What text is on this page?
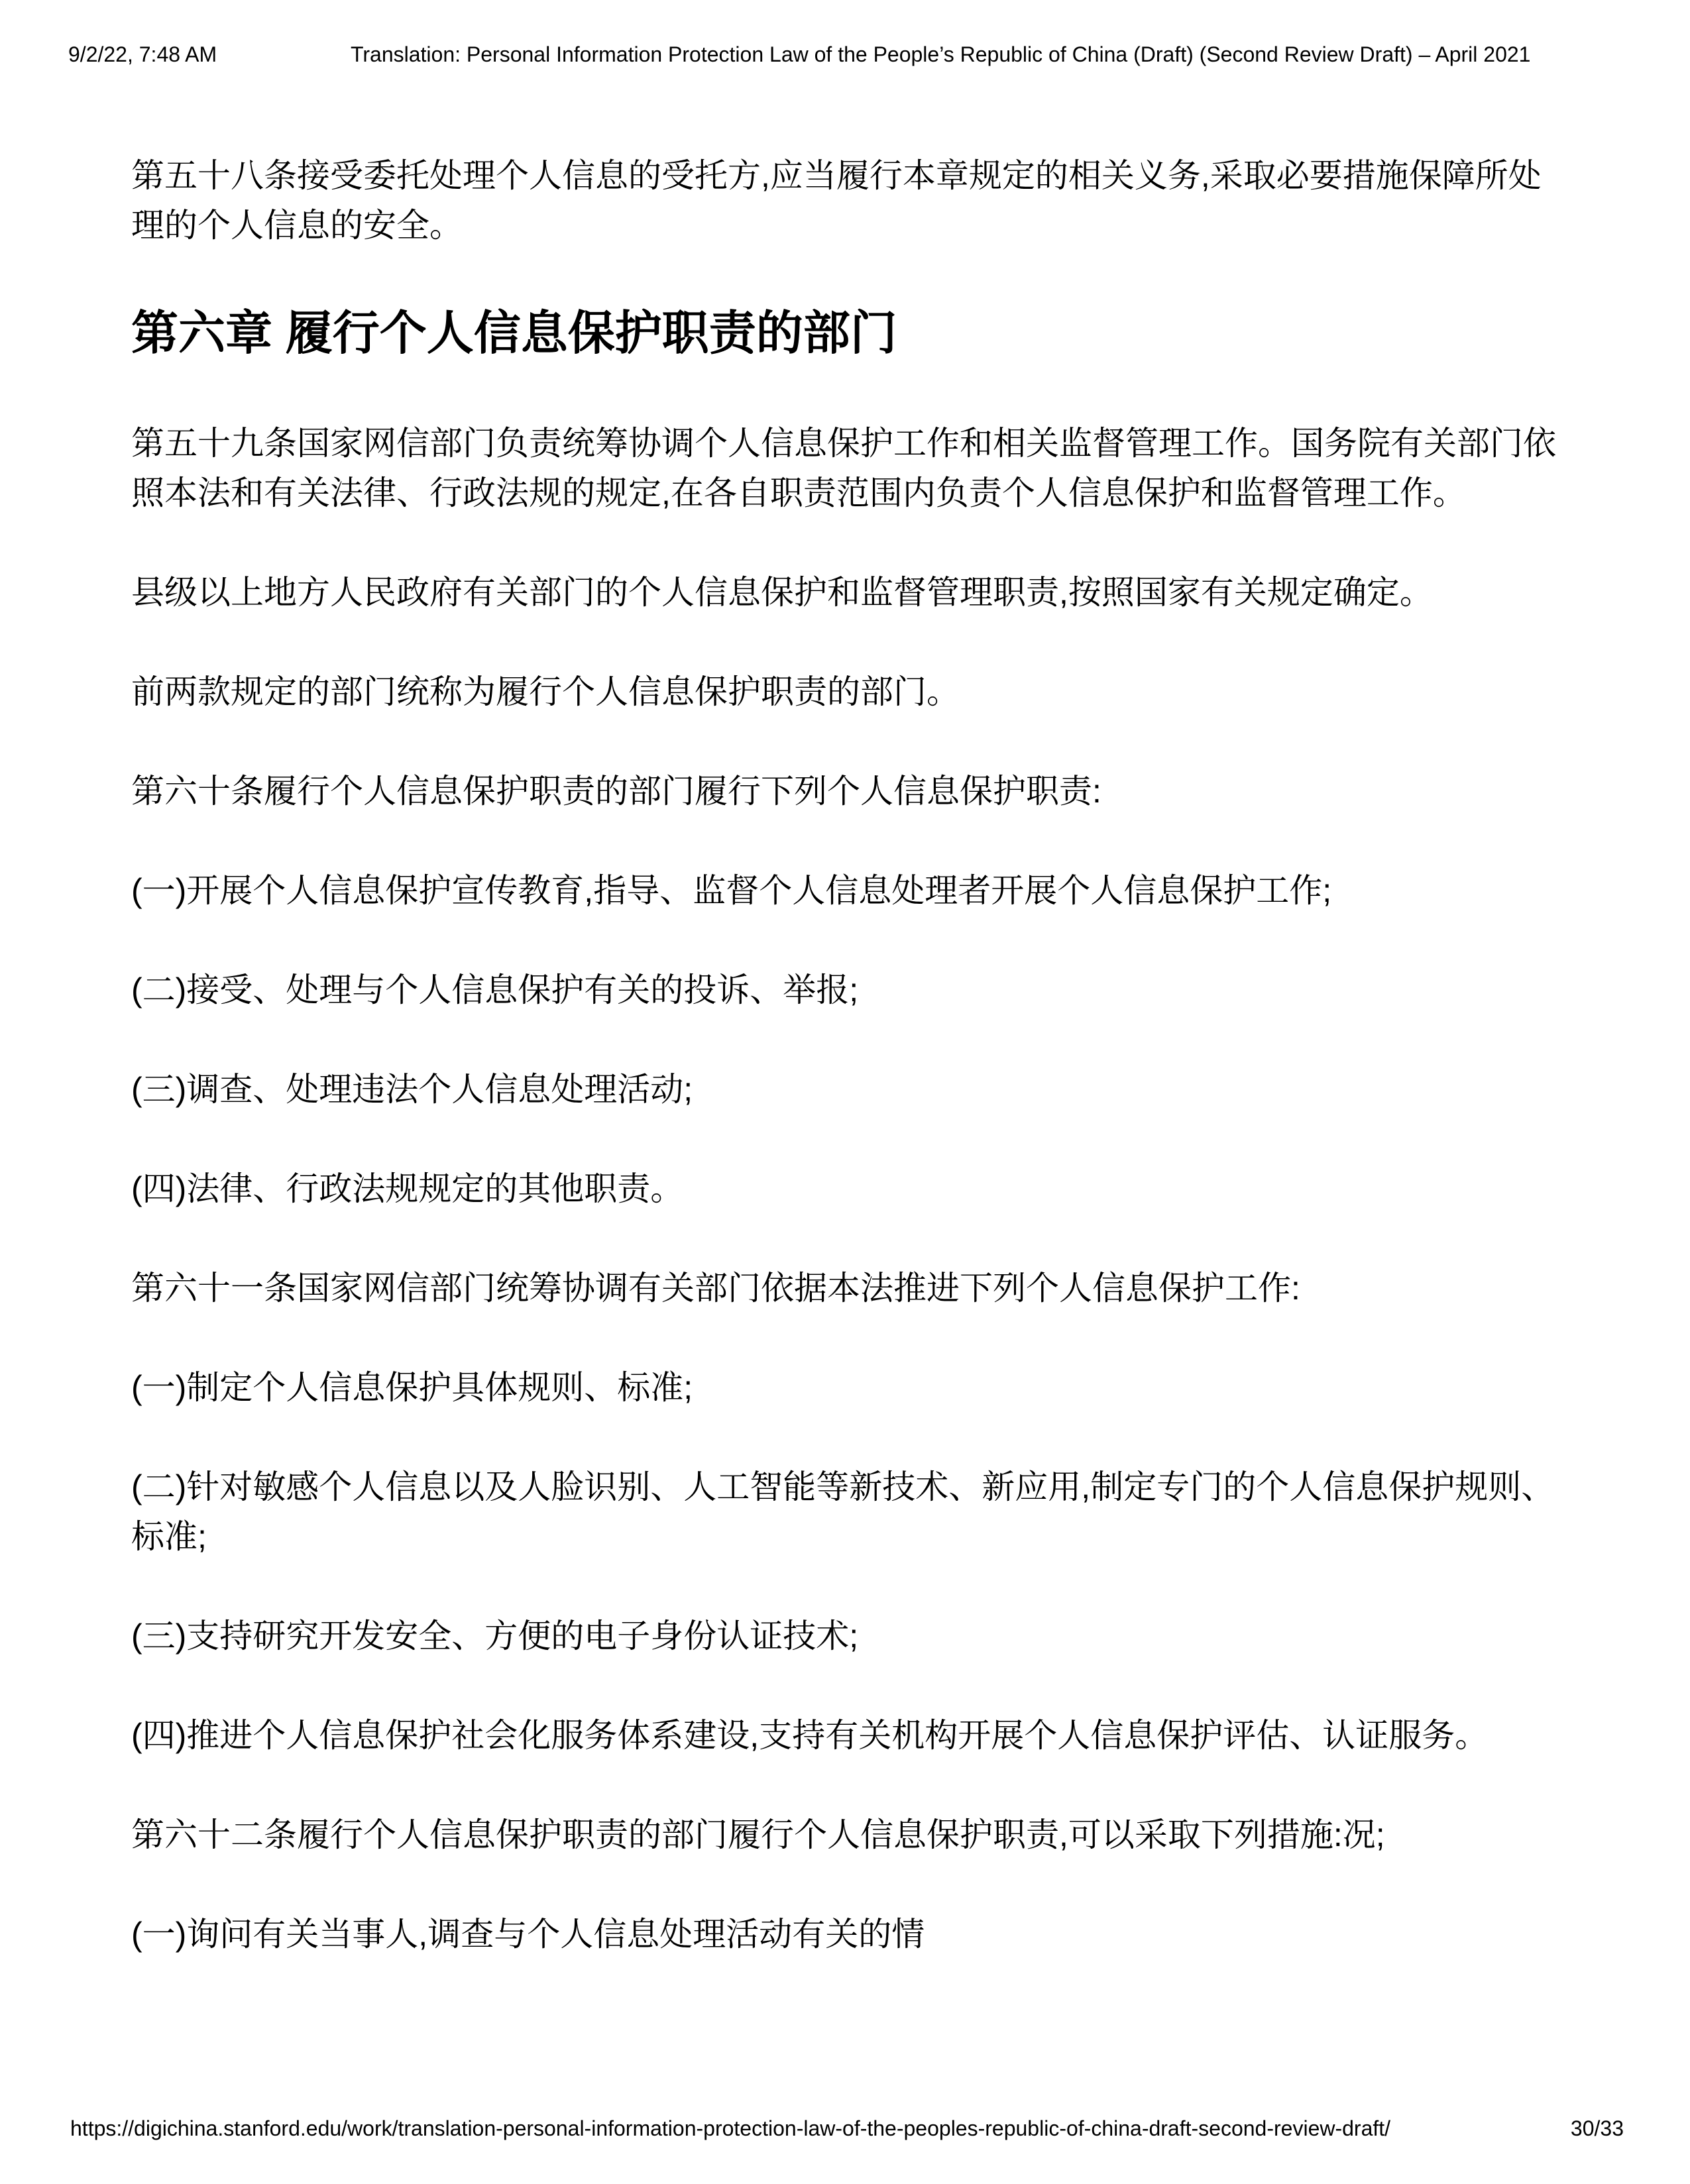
9/2/22, 7:48 AM	Translation: Personal Information Protection Law of the People’s Republic of China (Draft) (Second Review Draft) – April 2021

第五十八条接受委托处理个人信息的受托方,应当履行本章规定的相关义务,采取必要措施保障所处理的个人信息的安全。

第六章 履行个人信息保护职责的部门

第五十九条国家网信部门负责统筹协调个人信息保护工作和相关监督管理工作。国务院有关部门依照本法和有关法律、行政法规的规定,在各自职责范围内负责个人信息保护和监督管理工作。

县级以上地方人民政府有关部门的个人信息保护和监督管理职责,按照国家有关规定确定。

前两款规定的部门统称为履行个人信息保护职责的部门。

第六十条履行个人信息保护职责的部门履行下列个人信息保护职责:

(一)开展个人信息保护宣传教育,指导、监督个人信息处理者开展个人信息保护工作;

(二)接受、处理与个人信息保护有关的投诉、举报;

(三)调查、处理违法个人信息处理活动;

(四)法律、行政法规规定的其他职责。

第六十一条国家网信部门统筹协调有关部门依据本法推进下列个人信息保护工作:

(一)制定个人信息保护具体规则、标准;

(二)针对敏感个人信息以及人脸识别、人工智能等新技术、新应用,制定专门的个人信息保护规则、标准;

(三)支持研究开发安全、方便的电子身份认证技术;

(四)推进个人信息保护社会化服务体系建设,支持有关机构开展个人信息保护评估、认证服务。

第六十二条履行个人信息保护职责的部门履行个人信息保护职责,可以采取下列措施:况;

(一)询问有关当事人,调查与个人信息处理活动有关的情

https://digichina.stanford.edu/work/translation-personal-information-protection-law-of-the-peoples-republic-of-china-draft-second-review-draft/	30/33
